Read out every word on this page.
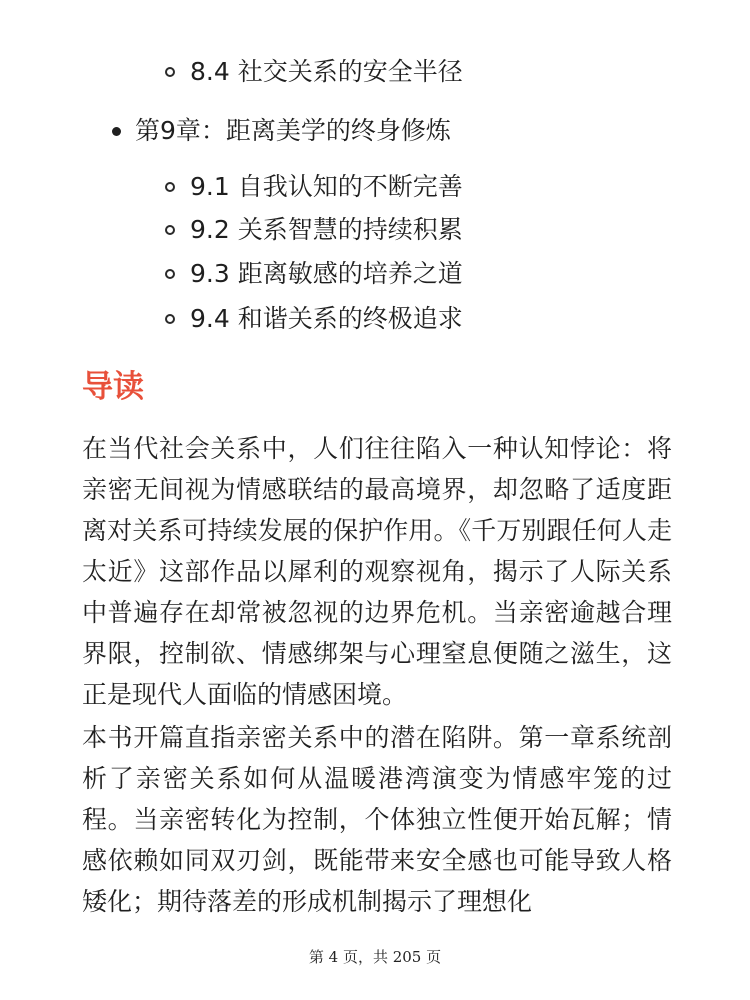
8.4 社交关系的安全半径
第9章：距离美学的终身修炼
9.1 自我认知的不断完善
9.2 关系智慧的持续积累
9.3 距离敏感的培养之道
9.4 和谐关系的终极追求
导读

在当代社会关系中，人们往往陷入一种认知悖论：将亲密无间视为情感联结的最高境界，却忽略了适度距离对关系可持续发展的保护作用。《千万别跟任何人走太近》这部作品以犀利的观察视角，揭示了人际关系中普遍存在却常被忽视的边界危机。当亲密逾越合理界限，控制欲、情感绑架与心理窒息便随之滋生，这正是现代人面临的情感困境。

本书开篇直指亲密关系中的潜在陷阱。第一章系统剖析了亲密关系如何从温暖港湾演变为情感牢笼的过程。当亲密转化为控制，个体独立性便开始瓦解；情感依赖如同双刃剑，既能带来安全感也可能导致人格矮化；期待落差的形成机制揭示了理想化

第 4 页，共 205 页
